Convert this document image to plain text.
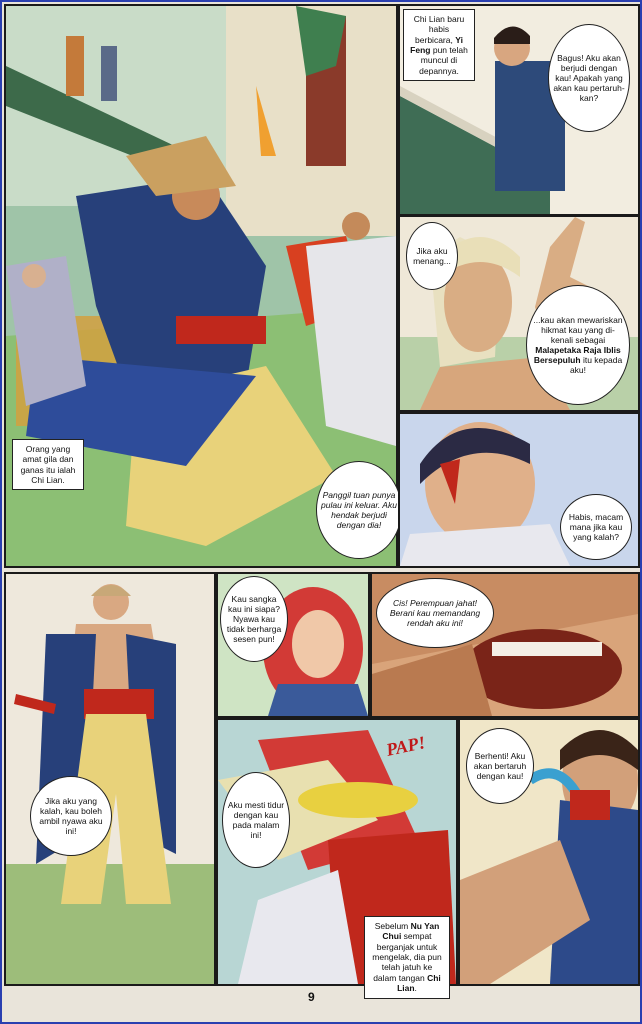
Orang yang amat gila dan ganas itu ialah Chi Lian.
Panggil tuan punya pulau ini keluar. Aku hendak berjudi dengan dia!
Chi Lian baru habis berbicara, Yi Feng pun telah muncul di depannya.
Bagus! Aku akan berjudi dengan kau! Apakah yang akan kau pertaruh-kan?
Jika aku menang...
...kau akan mewariskan hikmat kau yang di-kenali sebagai Malapetaka Raja Iblis Bersepuluh itu kepada aku!
Habis, macam mana jika kau yang kalah?
Jika aku yang kalah, kau boleh ambil nyawa aku ini!
Kau sangka kau ini siapa? Nyawa kau tidak berharga sesen pun!
Cis! Perempuan jahat! Berani kau memandang rendah aku ini!
PAP!
Aku mesti tidur dengan kau pada malam ini!
Sebelum Nu Yan Chui sempat berganjak untuk mengelak, dia pun telah jatuh ke dalam tangan Chi Lian.
Berhenti! Aku akan bertaruh dengan kau!
9
